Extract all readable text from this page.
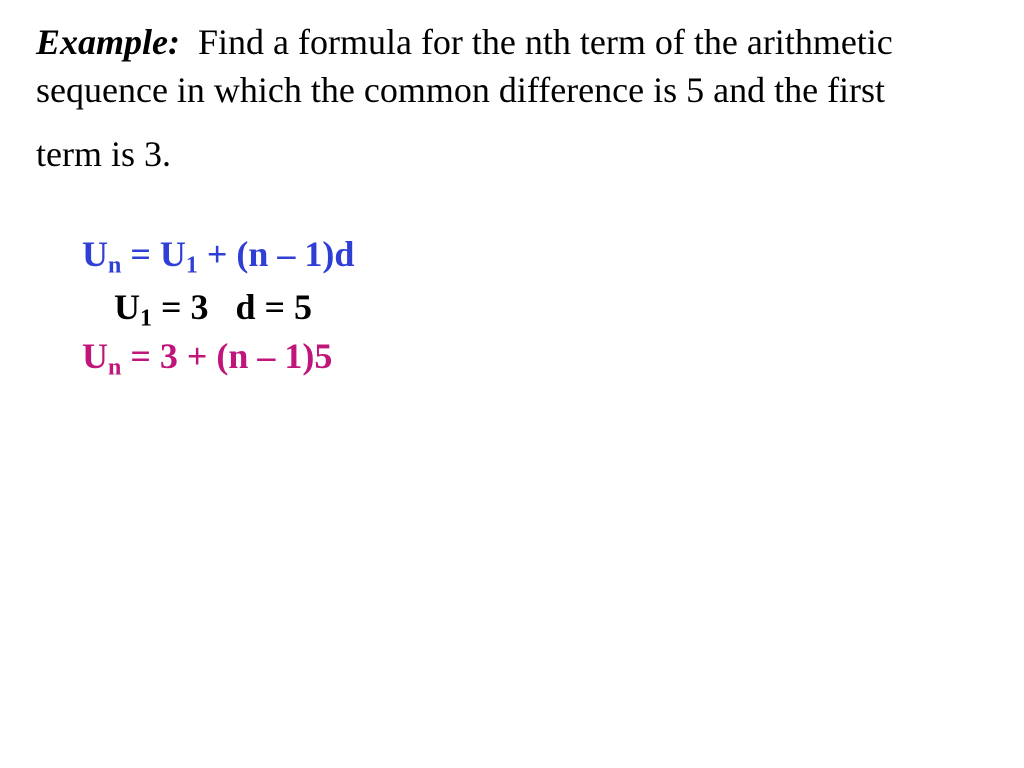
Example: Find a formula for the nth term of the arithmetic
sequence in which the common difference is 5 and the first
term is 3.
$U_n = U_1 + (n - 1)d$
$U_1 = 3$ d = 5
$U_n = 3 + (n - 1)5$
